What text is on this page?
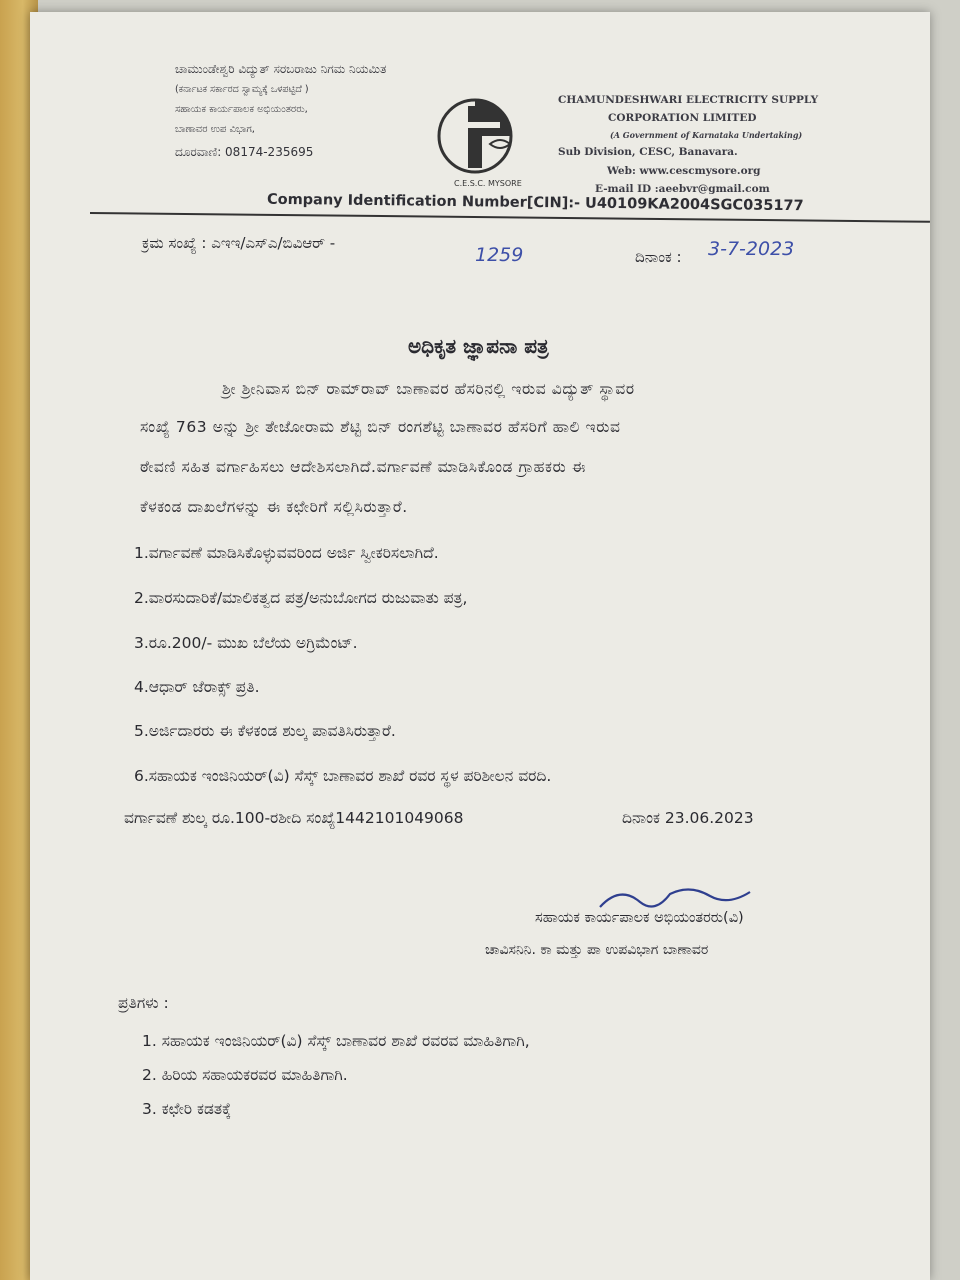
ಚಾಮುಂಡೇಶ್ವರಿ ವಿದ್ಯುತ್ ಸರಬರಾಜು ನಿಗಮ ನಿಯಮಿತ
(ಕರ್ನಾಟಕ ಸರ್ಕಾರದ ಸ್ವಾಮ್ಯಕ್ಕೆ ಒಳಪಟ್ಟಿದೆ )
ಸಹಾಯಕ ಕಾರ್ಯಪಾಲಕ ಅಭಿಯಂತರರು,
ಬಾಣಾವರ ಉಪ ವಿಭಾಗ,
ದೂರವಾಣಿ: 08174-235695
C.E.S.C. MYSORE
CHAMUNDESHWARI ELECTRICITY SUPPLY
CORPORATION LIMITED
(A Government of Karnataka Undertaking)
Sub Division, CESC, Banavara.
Web: www.cescmysore.org
E-mail ID :aeebvr@gmail.com
Company Identification Number[CIN]:- U40109KA2004SGC035177
ಕ್ರಮ ಸಂಖ್ಯೆ : ಎಇಇ/ಎಸ್ಎ/ಬಿವಿಆರ್ -
1259	ದಿನಾಂಕ : 3-7-2023
ಅಧಿಕೃತ ಜ್ಞಾಪನಾ ಪತ್ರ
ಶ್ರೀ ಶ್ರೀನಿವಾಸ ಬಿನ್ ರಾಮ್‌ರಾವ್ ಬಾಣಾವರ ಹೆಸರಿನಲ್ಲಿ ಇರುವ ವಿದ್ಯುತ್ ಸ್ಥಾವರ
ಸಂಖ್ಯೆ 763 ಅನ್ನು ಶ್ರೀ ತೇಜೋರಾಮ ಶೆಟ್ಟಿ ಬಿನ್ ರಂಗಶೆಟ್ಟಿ ಬಾಣಾವರ ಹೆಸರಿಗೆ ಹಾಲಿ ಇರುವ
ಠೇವಣಿ ಸಹಿತ ವರ್ಗಾಹಿಸಲು ಆದೇಶಿಸಲಾಗಿದೆ.ವರ್ಗಾವಣೆ ಮಾಡಿಸಿಕೊಂಡ ಗ್ರಾಹಕರು ಈ
ಕೆಳಕಂಡ ದಾಖಲೆಗಳನ್ನು ಈ ಕಛೇರಿಗೆ ಸಲ್ಲಿಸಿರುತ್ತಾರೆ.
1.ವರ್ಗಾವಣೆ ಮಾಡಿಸಿಕೊಳ್ಳುವವರಿಂದ ಅರ್ಜಿ ಸ್ವೀಕರಿಸಲಾಗಿದೆ.
2.ವಾರಸುದಾರಿಕೆ/ಮಾಲಿಕತ್ವದ ಪತ್ರ/ಅನುಬೋಗದ ರುಜುವಾತು ಪತ್ರ,
3.ರೂ.200/- ಮುಖ ಬೆಲೆಯ ಅಗ್ರಿಮೆಂಟ್.
4.ಆಧಾರ್ ಜೆರಾಕ್ಸ್ ಪ್ರತಿ.
5.ಅರ್ಜಿದಾರರು ಈ ಕೆಳಕಂಡ ಶುಲ್ಕ ಪಾವತಿಸಿರುತ್ತಾರೆ.
6.ಸಹಾಯಕ ಇಂಜಿನಿಯರ್(ವಿ) ಸೆಸ್ಕ್ ಬಾಣಾವರ ಶಾಖೆ ರವರ ಸ್ಥಳ ಪರಿಶೀಲನ ವರದಿ.
ವರ್ಗಾವಣೆ ಶುಲ್ಕ ರೂ.100-ರಶೀದಿ ಸಂಖ್ಯೆ1442101049068	ದಿನಾಂಕ 23.06.2023
ಸಹಾಯಕ ಕಾರ್ಯಪಾಲಕ ಅಭಿಯಂತರರು(ವಿ)
ಚಾವಿಸನಿನಿ. ಕಾ ಮತ್ತು ಪಾ ಉಪವಿಭಾಗ ಬಾಣಾವರ
ಪ್ರತಿಗಳು :
1. ಸಹಾಯಕ ಇಂಜಿನಿಯರ್(ವಿ) ಸೆಸ್ಕ್ ಬಾಣಾವರ ಶಾಖೆ ರವರವ ಮಾಹಿತಿಗಾಗಿ,
2. ಹಿರಿಯ ಸಹಾಯಕರವರ ಮಾಹಿತಿಗಾಗಿ.
3. ಕಛೇರಿ ಕಡತಕ್ಕೆ
